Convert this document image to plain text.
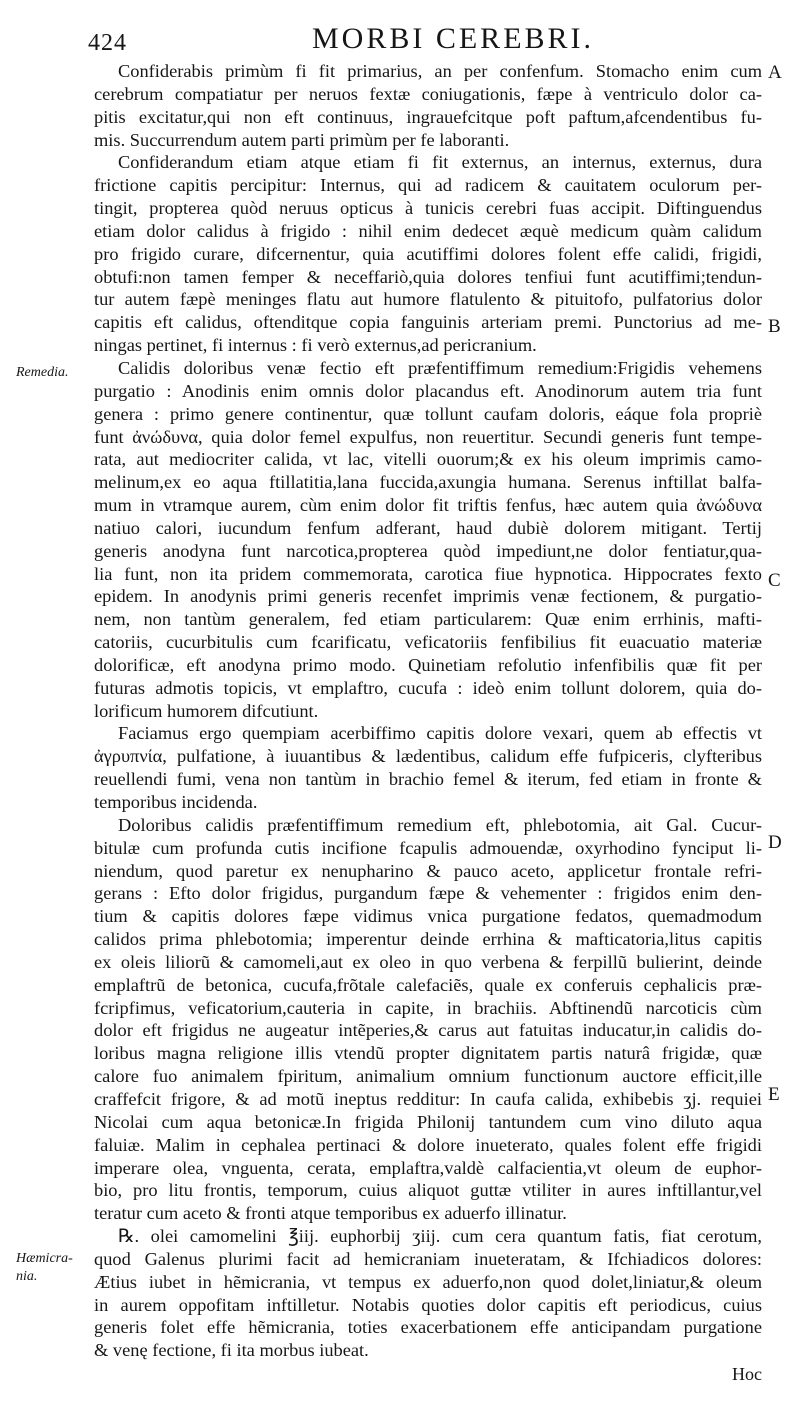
424	MORBI CEREBRI.
Confiderabis primùm fi fit primarius, an per confenfum. Stomacho enim cum
cerebrum compatiatur per neruos fextæ coniugationis, fæpe à ventriculo dolor ca-
pitis excitatur,qui non eft continuus, ingrauefcitque poft paftum,afcendentibus fu-
mis. Succurrendum autem parti primùm per fe laboranti.
Confiderandum etiam atque etiam fi fit externus, an internus, externus, dura
frictione capitis percipitur: Internus, qui ad radicem & cauitatem oculorum per-
tingit, propterea quòd neruus opticus à tunicis cerebri fuas accipit. Diftinguendus
etiam dolor calidus à frigido : nihil enim dedecet æquè medicum quàm calidum
pro frigido curare, difcernentur, quia acutiffimi dolores folent effe calidi, frigidi,
obtufi:non tamen femper & neceffariò,quia dolores tenfiui funt acutiffimi;tendun-
tur autem fæpè meninges flatu aut humore flatulento & pituitofo, pulfatorius dolor
capitis eft calidus, oftenditque copia fanguinis arteriam premi. Punctorius ad me-
ningas pertinet, fi internus : fi verò externus,ad pericranium.
Calidis doloribus venæ fectio eft præfentiffimum remedium:Frigidis vehemens
purgatio : Anodinis enim omnis dolor placandus eft. Anodinorum autem tria funt
genera : primo genere continentur, quæ tollunt caufam doloris, eáque fola propriè
funt ἀνώδυνα, quia dolor femel expulfus, non reuertitur. Secundi generis funt tempe-
rata, aut mediocriter calida, vt lac, vitelli ouorum;& ex his oleum imprimis camo-
melinum,ex eo aqua ftillatitia,lana fuccida,axungia humana. Serenus inftillat balfa-
mum in vtramque aurem, cùm enim dolor fit triftis fenfus, hæc autem quia ἀνώδυνα
natiuo calori, iucundum fenfum adferant, haud dubiè dolorem mitigant. Tertij
generis anodyna funt narcotica,propterea quòd impediunt,ne dolor fentiatur,qua-
lia funt, non ita pridem commemorata, carotica fiue hypnotica. Hippocrates fexto
epidem. In anodynis primi generis recenfet imprimis venæ fectionem, & purgatio-
nem, non tantùm generalem, fed etiam particularem: Quæ enim errhinis, mafti-
catoriis, cucurbitulis cum fcarificatu, veficatoriis fenfibilius fit euacuatio materiæ
dolorificæ, eft anodyna primo modo. Quinetiam refolutio infenfibilis quæ fit per
futuras admotis topicis, vt emplaftro, cucufa : ideò enim tollunt dolorem, quia do-
lorificum humorem difcutiunt.
Faciamus ergo quempiam acerbiffimo capitis dolore vexari, quem ab effectis vt
ἀγρυπνία, pulfatione, à iuuantibus & lædentibus, calidum effe fufpiceris, clyfteribus
reuellendi fumi, vena non tantùm in brachio femel & iterum, fed etiam in fronte &
temporibus incidenda.
Doloribus calidis præfentiffimum remedium eft, phlebotomia, ait Gal. Cucur-
bitulæ cum profunda cutis incifione fcapulis admouendæ, oxyrhodino fynciput li-
niendum, quod paretur ex nenupharino & pauco aceto, applicetur frontale refri-
gerans : Efto dolor frigidus, purgandum fæpe & vehementer : frigidos enim den-
tium & capitis dolores fæpe vidimus vnica purgatione fedatos, quemadmodum
calidos prima phlebotomia; imperentur deinde errhina & mafticatoria,litus capitis
ex oleis liliorũ & camomeli,aut ex oleo in quo verbena & ferpillũ bulierint, deinde
emplaftrũ de betonica, cucufa,frõtale calefaciẽs, quale ex conferuis cephalicis præ-
fcripfimus, veficatorium,cauteria in capite, in brachiis. Abftinendũ narcoticis cùm
dolor eft frigidus ne augeatur intẽperies,& carus aut fatuitas inducatur,in calidis do-
loribus magna religione illis vtendũ propter dignitatem partis naturâ frigidæ, quæ
calore fuo animalem fpiritum, animalium omnium functionum auctore efficit,ille
craffefcit frigore, & ad motũ ineptus redditur: In caufa calida, exhibebis ʒj. requiei
Nicolai cum aqua betonicæ.In frigida Philonij tantundem cum vino diluto aqua
faluiæ. Malim in cephalea pertinaci & dolore inueterato, quales folent effe frigidi
imperare olea, vnguenta, cerata, emplaftra,valdè calfacientia,vt oleum de euphor-
bio, pro litu frontis, temporum, cuius aliquot guttæ vtiliter in aures inftillantur,vel
teratur cum aceto & fronti atque temporibus ex aduerfo illinatur.
℞. olei camomelini ℥iij. euphorbij ʒiij. cum cera quantum fatis, fiat cerotum,
quod Galenus plurimi facit ad hemicraniam inueteratam, & Ifchiadicos dolores:
Ætius iubet in hẽmicrania, vt tempus ex aduerfo,non quod dolet,liniatur,& oleum
in aurem oppofitam inftilletur. Notabis quoties dolor capitis eft periodicus, cuius
generis folet effe hẽmicrania, toties exacerbationem effe anticipandam purgatione
& venę fectione, fi ita morbus iubeat.
Remedia.
Hæmicra-
nia.
A
B
C
D
E
Hoc
